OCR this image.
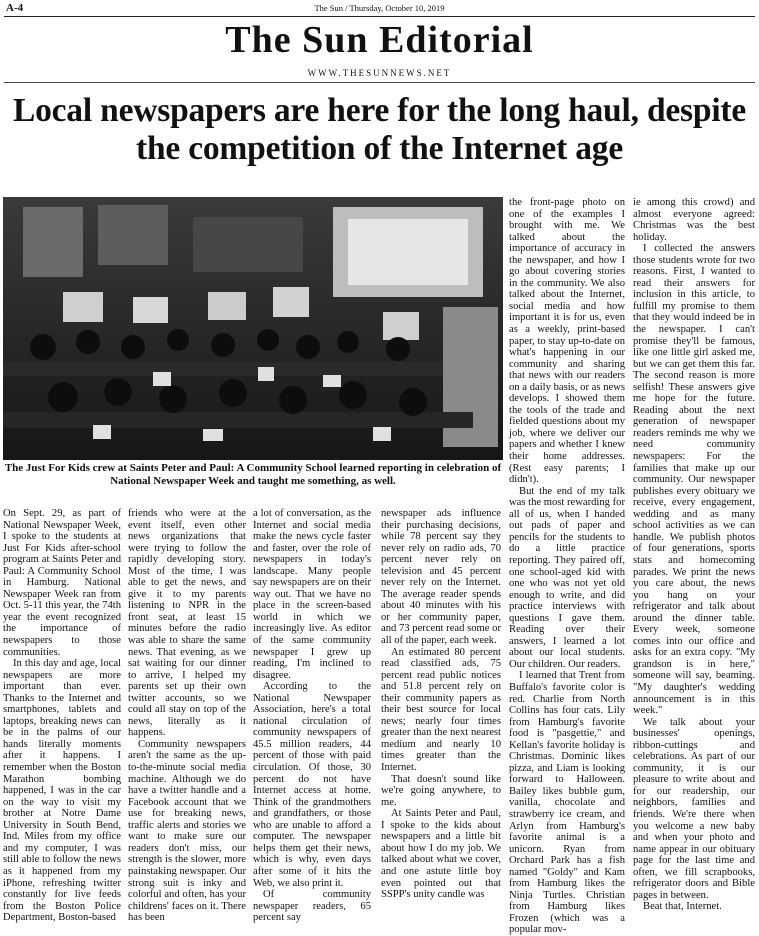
A-4	The Sun / Thursday, October 10, 2019
The Sun Editorial
WWW.THESUNNEWS.NET
Local newspapers are here for the long haul, despite the competition of the Internet age
The Just For Kids crew at Saints Peter and Paul: A Community School learned reporting in celebration of National Newspaper Week and taught me something, as well.

On Sept. 29, as part of National Newspaper Week, I spoke to the students at Just For Kids after-school program at Saints Peter and Paul: A Community School in Hamburg. National Newspaper Week ran from Oct. 5-11 this year, the 74th year the event recognized the importance of newspapers to those communities.

In this day and age, local newspapers are more important than ever. Thanks to the Internet and smartphones, tablets and laptops, breaking news can be in the palms of our hands literally moments after it happens. I remember when the Boston Marathon bombing happened, I was in the car on the way to visit my brother at Notre Dame University in South Bend, Ind. Miles from my office and my computer, I was still able to follow the news as it happened from my iPhone, refreshing twitter constantly for live feeds from the Boston Police Department, Boston-based

friends who were at the event itself, even other news organizations that were trying to follow the rapidly developing story. Most of the time, I was able to get the news, and give it to my parents listening to NPR in the front seat, at least 15 minutes before the radio was able to share the same news. That evening, as we sat waiting for our dinner to arrive, I helped my parents set up their own twitter accounts, so we could all stay on top of the news, literally as it happens.

Community newspapers aren't the same as the up-to-the-minute social media machine. Although we do have a twitter handle and a Facebook account that we use for breaking news, traffic alerts and stories we want to make sure our readers don't miss, our strength is the slower, more painstaking newspaper. Our strong suit is inky and colorful and often, has your childrens' faces on it. There has been

a lot of conversation, as the Internet and social media make the news cycle faster and faster, over the role of newspapers in today's landscape. Many people say newspapers are on their way out. That we have no place in the screen-based world in which we increasingly live. As editor of the same community newspaper I grew up reading, I'm inclined to disagree.

According to the National Newspaper Association, here's a total national circulation of community newspapers of 45.5 million readers, 44 percent of those with paid circulation. Of those, 30 percent do not have Internet access at home. Think of the grandmothers and grandfathers, or those who are unable to afford a computer. The newspaper helps them get their news, which is why, even days after some of it hits the Web, we also print it.

Of community newspaper readers, 65 percent say

newspaper ads influence their purchasing decisions, while 78 percent say they never rely on radio ads, 70 percent never rely on television and 45 percent never rely on the Internet. The average reader spends about 40 minutes with his or her community paper, and 73 percent read some or all of the paper, each week.

An estimated 80 percent read classified ads, 75 percent read public notices and 51.8 percent rely on their community papers as their best source for local news; nearly four times greater than the next nearest medium and nearly 10 times greater than the Internet.

That doesn't sound like we're going anywhere, to me.

At Saints Peter and Paul, I spoke to the kids about newspapers and a little bit about how I do my job. We talked about what we cover, and one astute little boy even pointed out that SSPP's unity candle was

the front-page photo on one of the examples I brought with me. We talked about the importance of accuracy in the newspaper, and how I go about covering stories in the community. We also talked about the Internet, social media and how important it is for us, even as a weekly, print-based paper, to stay up-to-date on what's happening in our community and sharing that news with our readers on a daily basis, or as news develops. I showed them the tools of the trade and fielded questions about my job, where we deliver our papers and whether I knew their home addresses. (Rest easy parents; I didn't).

But the end of my talk was the most rewarding for all of us, when I handed out pads of paper and pencils for the students to do a little practice reporting. They paired off, one school-aged kid with one who was not yet old enough to write, and did practice interviews with questions I gave them. Reading over their answers, I learned a lot about our local students. Our children. Our readers.

I learned that Trent from Buffalo's favorite color is red. Charlie from North Collins has four cats. Lily from Hamburg's favorite food is "pasgettie," and Kellan's favorite holiday is Christmas. Dominic likes pizza, and Liam is looking forward to Halloween. Bailey likes bubble gum, vanilla, chocolate and strawberry ice cream, and Arlyn from Hamburg's favorite animal is a unicorn. Ryan from Orchard Park has a fish named "Goldy" and Kam from Hamburg likes the Ninja Turtles. Christian from Hamburg likes Frozen (which was a popular mov-

ie among this crowd) and almost everyone agreed: Christmas was the best holiday.

I collected the answers those students wrote for two reasons. First, I wanted to read their answers for inclusion in this article, to fulfill my promise to them that they would indeed be in the newspaper. I can't promise they'll be famous, like one little girl asked me, but we can get them this far. The second reason is more selfish! These answers give me hope for the future. Reading about the next generation of newspaper readers reminds me why we need community newspapers: For the families that make up our community. Our newspaper publishes every obituary we receive, every engagement, wedding and as many school activities as we can handle. We publish photos of four generations, sports stats and homecoming parades. We print the news you care about, the news you hang on your refrigerator and talk about around the dinner table. Every week, someone comes into our office and asks for an extra copy. "My grandson is in here," someone will say, beaming. "My daughter's wedding announcement is in this week."

We talk about your businesses' openings, ribbon-cuttings and celebrations. As part of our community, it is our pleasure to write about and for our readership, our neighbors, families and friends. We're there when you welcome a new baby and when your photo and name appear in our obituary page for the last time and often, we fill scrapbooks, refrigerator doors and Bible pages in between.

Beat that, Internet.
